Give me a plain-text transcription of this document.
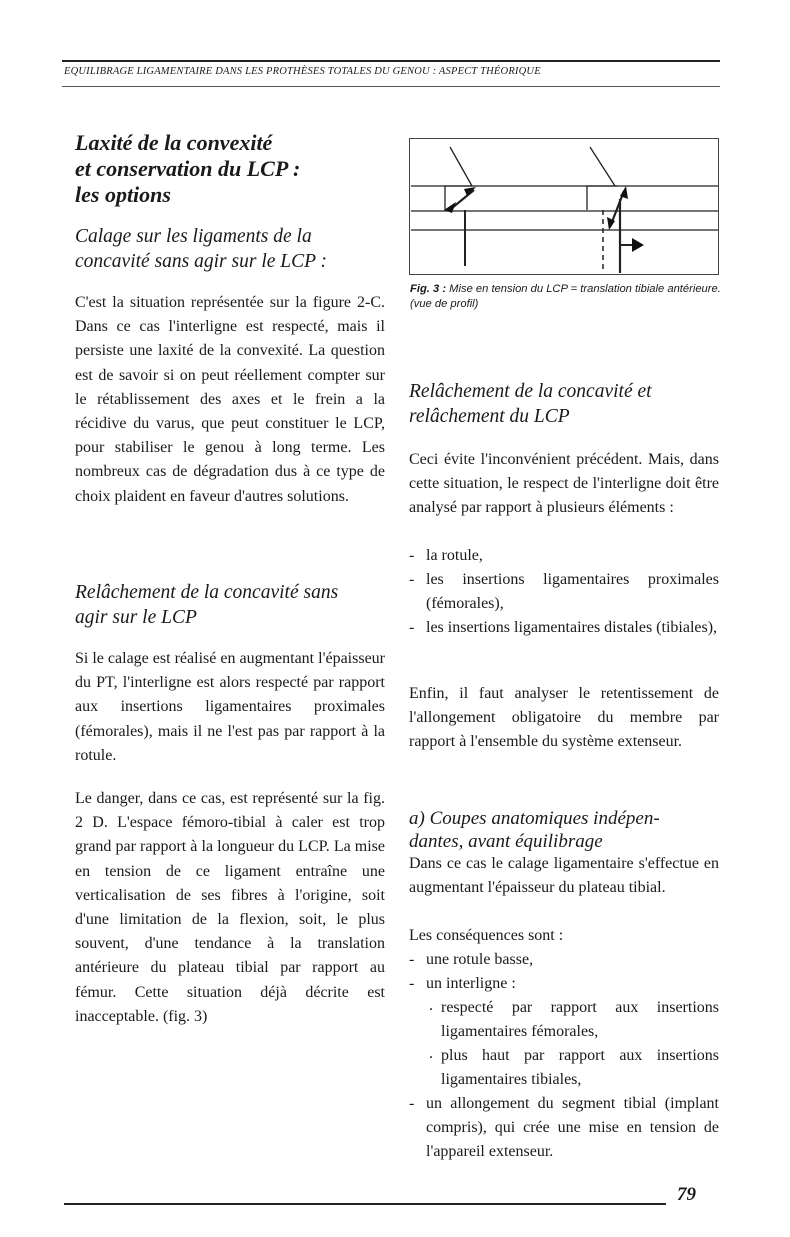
EQUILIBRAGE LIGAMENTAIRE DANS LES PROTHÈSES TOTALES DU GENOU : ASPECT THÉORIQUE
Laxité de la convexité
et conservation du LCP :
les options
Calage sur les ligaments de la
concavité sans agir sur le LCP :

C'est la situation représentée sur la figure 2-C. Dans ce cas l'interligne est respecté, mais il persiste une laxité de la convexité. La question est de savoir si on peut réellement compter sur le rétablissement des axes et le frein a la récidive du varus, que peut constituer le LCP, pour stabiliser le genou à long terme. Les nombreux cas de dégradation dus à ce type de choix plaident en faveur d'autres solutions.

Relâchement de la concavité sans
agir sur le LCP

Si le calage est réalisé en augmentant l'épaisseur du PT, l'interligne est alors respecté par rapport aux insertions ligamentaires proximales (fémorales), mais il ne l'est pas par rapport à la rotule.

Le danger, dans ce cas, est représenté sur la fig. 2 D. L'espace fémoro-tibial à caler est trop grand par rapport à la longueur du LCP. La mise en tension de ce ligament entraîne une verticalisation de ses fibres à l'origine, soit d'une limitation de la flexion, soit, le plus souvent, d'une tendance à la translation antérieure du plateau tibial par rapport au fémur. Cette situation déjà décrite est inacceptable. (fig. 3)

Fig. 3 : Mise en tension du LCP = translation tibiale antérieure. (vue de profil)
Relâchement de la concavité et
relâchement du LCP

Ceci évite l'inconvénient précédent. Mais, dans cette situation, le respect de l'interligne doit être analysé par rapport à plusieurs éléments :

- la rotule,
- les insertions ligamentaires proximales (fémorales),
- les insertions ligamentaires distales (tibiales),

Enfin, il faut analyser le retentissement de l'allongement obligatoire du membre par rapport à l'ensemble du système extenseur.

a) Coupes anatomiques indépen-
dantes, avant équilibrage

Dans ce cas le calage ligamentaire s'effectue en augmentant l'épaisseur du plateau tibial.

Les conséquences sont :

- une rotule basse,
- un interligne :
. respecté par rapport aux insertions ligamentaires fémorales,
. plus haut par rapport aux insertions ligamentaires tibiales,
- un allongement du segment tibial (implant compris), qui crée une mise en tension de l'appareil extenseur.
79
